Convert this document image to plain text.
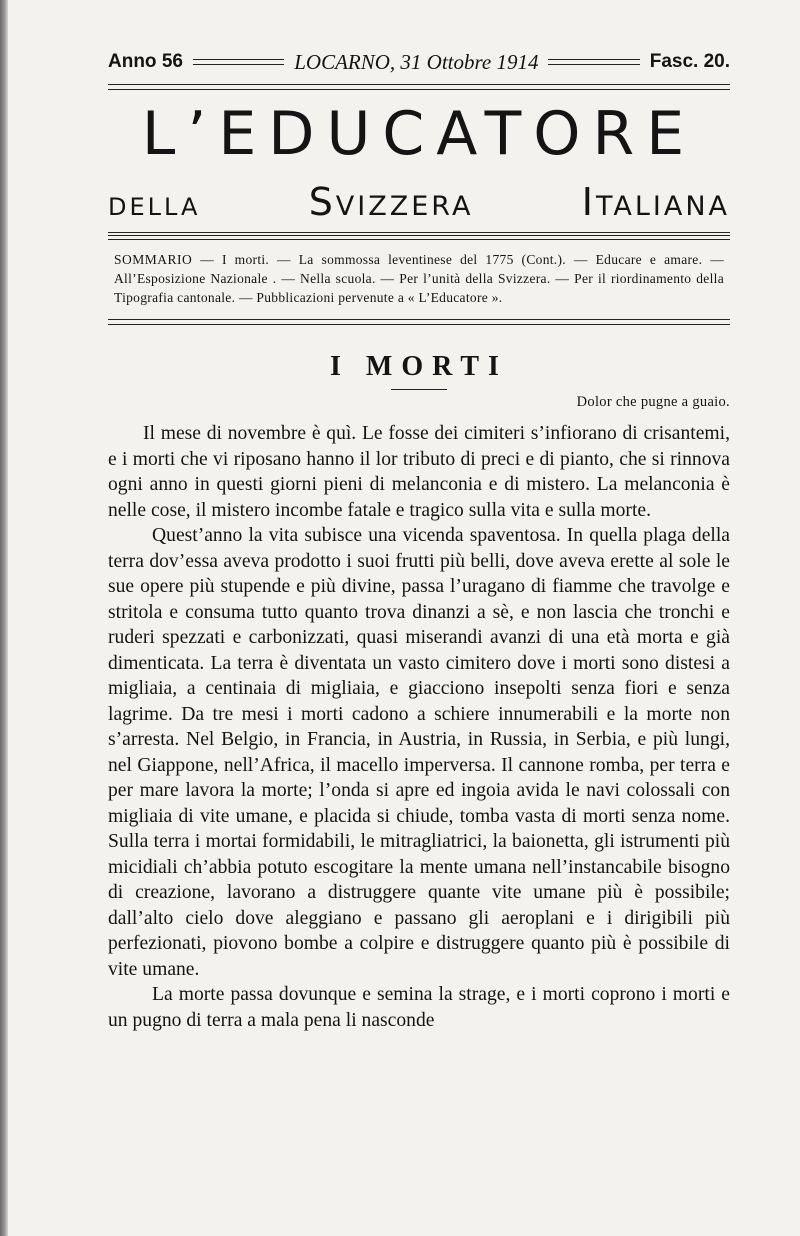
Anno 56	LOCARNO, 31 Ottobre 1914	Fasc. 20.
L’EDUCATORE
della	Svizzera	Italiana
SOMMARIO — I morti. — La sommossa leventinese del 1775 (Cont.). — Educare e amare. — All’Esposizione Nazionale . — Nella scuola. — Per l’unità della Svizzera. — Per il riordinamento della Tipografia cantonale. — Pubblicazioni pervenute a « L’Educatore ».
I MORTI
Dolor che pugne a guaio.

Il mese di novembre è quì. Le fosse dei cimiteri s’infiorano di crisantemi, e i morti che vi riposano hanno il lor tributo di preci e di pianto, che si rinnova ogni anno in questi giorni pieni di melanconia e di mistero. La melanconia è nelle cose, il mistero incombe fatale e tragico sulla vita e sulla morte.

Quest’anno la vita subisce una vicenda spaventosa. In quella plaga della terra dov’essa aveva prodotto i suoi frutti più belli, dove aveva erette al sole le sue opere più stupende e più divine, passa l’uragano di fiamme che travolge e stritola e consuma tutto quanto trova dinanzi a sè, e non lascia che tronchi e ruderi spezzati e carbonizzati, quasi miserandi avanzi di una età morta e già dimenticata. La terra è diventata un vasto cimitero dove i morti sono distesi a migliaia, a centinaia di migliaia, e giacciono insepolti senza fiori e senza lagrime. Da tre mesi i morti cadono a schiere innumerabili e la morte non s’arresta. Nel Belgio, in Francia, in Austria, in Russia, in Serbia, e più lungi, nel Giappone, nell’Africa, il macello imperversa. Il cannone romba, per terra e per mare lavora la morte; l’onda si apre ed ingoia avida le navi colossali con migliaia di vite umane, e placida si chiude, tomba vasta di morti senza nome. Sulla terra i mortai formidabili, le mitragliatrici, la baionetta, gli istrumenti più micidiali ch’abbia potuto escogitare la mente umana nell’instancabile bisogno di creazione, lavorano a distruggere quante vite umane più è possibile; dall’alto cielo dove aleggiano e passano gli aeroplani e i dirigibili più perfezionati, piovono bombe a colpire e distruggere quanto più è possibile di vite umane.

La morte passa dovunque e semina la strage, e i morti coprono i morti e un pugno di terra a mala pena li nasconde
